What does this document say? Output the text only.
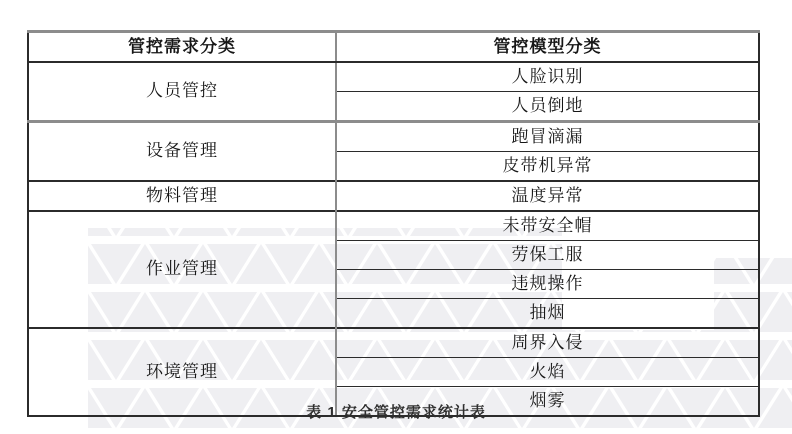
管控需求分类	管控模型分类
人员管控	人脸识别
	人员倒地
设备管理	跑冒滴漏
	皮带机异常
物料管理	温度异常
作业管理	未带安全帽
	劳保工服
	违规操作
	抽烟
环境管理	周界入侵
	火焰
	烟雾
表 1 安全管控需求统计表
